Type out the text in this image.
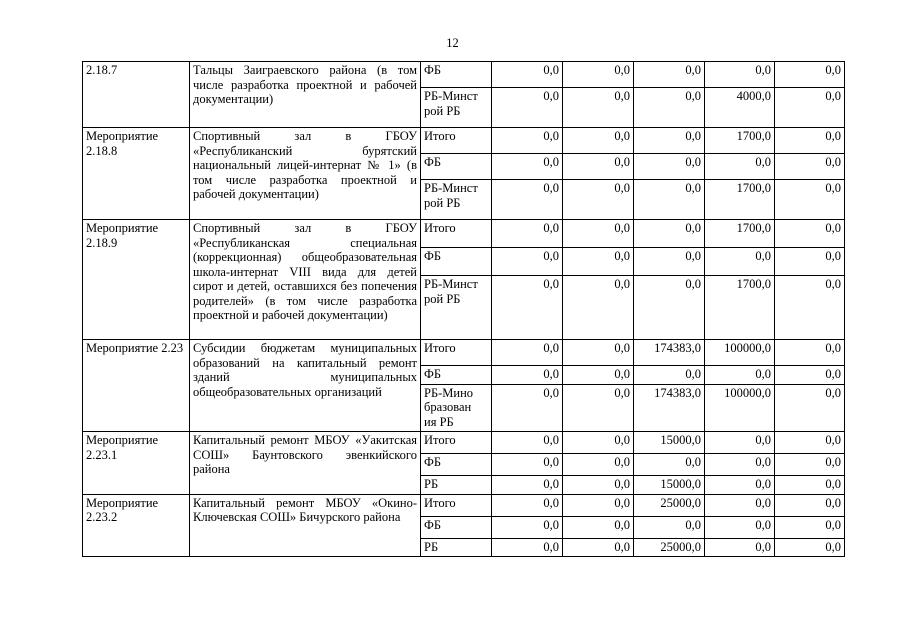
12
2.18.7	Тальцы Заиграевского района (в том числе разработка проектной и рабочей документации)	ФБ	0,0	0,0	0,0	0,0	0,0
		РБ-Минстрой РБ	0,0	0,0	0,0	4000,0	0,0
Мероприятие 2.18.8	Спортивный зал в ГБОУ «Республиканский бурятский национальный лицей-интернат № 1» (в том числе разработка проектной и рабочей документации)	Итого	0,0	0,0	0,0	1700,0	0,0
		ФБ	0,0	0,0	0,0	0,0	0,0
		РБ-Минстрой РБ	0,0	0,0	0,0	1700,0	0,0
Мероприятие 2.18.9	Спортивный зал в ГБОУ «Республиканская специальная (коррекционная) общеобразовательная школа-интернат VIII вида для детей сирот и детей, оставшихся без попечения родителей» (в том числе разработка проектной и рабочей документации)	Итого	0,0	0,0	0,0	1700,0	0,0
		ФБ	0,0	0,0	0,0	0,0	0,0
		РБ-Минстрой РБ	0,0	0,0	0,0	1700,0	0,0
Мероприятие 2.23	Субсидии бюджетам муниципальных образований на капитальный ремонт зданий муниципальных общеобразовательных организаций	Итого	0,0	0,0	174383,0	100000,0	0,0
		ФБ	0,0	0,0	0,0	0,0	0,0
		РБ-Минобразования РБ	0,0	0,0	174383,0	100000,0	0,0
Мероприятие 2.23.1	Капитальный ремонт МБОУ «Уакитская СОШ» Баунтовского эвенкийского района	Итого	0,0	0,0	15000,0	0,0	0,0
		ФБ	0,0	0,0	0,0	0,0	0,0
		РБ	0,0	0,0	15000,0	0,0	0,0
Мероприятие 2.23.2	Капитальный ремонт МБОУ «Окино-Ключевская СОШ» Бичурского района	Итого	0,0	0,0	25000,0	0,0	0,0
		ФБ	0,0	0,0	0,0	0,0	0,0
		РБ	0,0	0,0	25000,0	0,0	0,0
